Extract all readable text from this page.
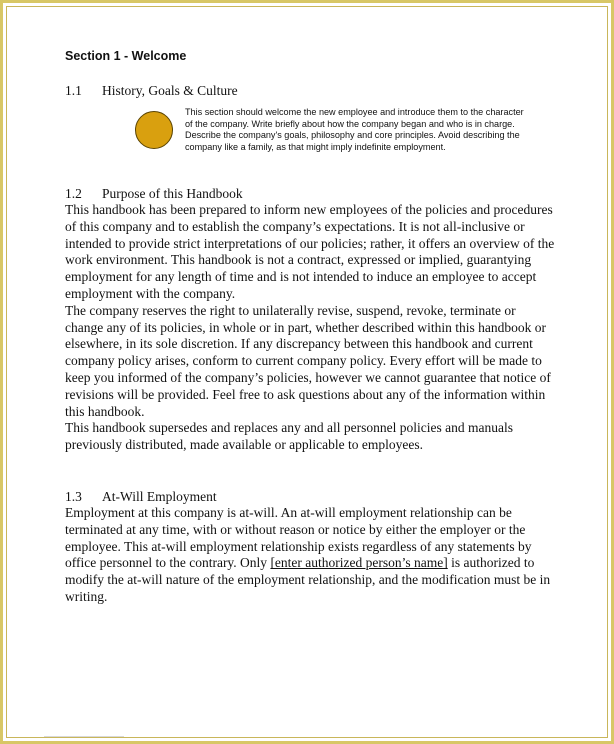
Section 1 - Welcome
1.1	History, Goals & Culture
This section should welcome the new employee and introduce them to the character of the company. Write briefly about how the company began and who is in charge. Describe the company's goals, philosophy and core principles. Avoid describing the company like a family, as that might imply indefinite employment.
1.2	Purpose of this Handbook

This handbook has been prepared to inform new employees of the policies and procedures of this company and to establish the company’s expectations. It is not all-inclusive or intended to provide strict interpretations of our policies; rather, it offers an overview of the work environment. This handbook is not a contract, expressed or implied, guarantying employment for any length of time and is not intended to induce an employee to accept employment with the company.

The company reserves the right to unilaterally revise, suspend, revoke, terminate or change any of its policies, in whole or in part, whether described within this handbook or elsewhere, in its sole discretion. If any discrepancy between this handbook and current company policy arises, conform to current company policy. Every effort will be made to keep you informed of the company’s policies, however we cannot guarantee that notice of revisions will be provided. Feel free to ask questions about any of the information within this handbook.

This handbook supersedes and replaces any and all personnel policies and manuals previously distributed, made available or applicable to employees.

1.3	At-Will Employment

Employment at this company is at-will. An at-will employment relationship can be terminated at any time, with or without reason or notice by either the employer or the employee. This at-will employment relationship exists regardless of any statements by office personnel to the contrary. Only [enter authorized person’s name] is authorized to modify the at-will nature of the employment relationship, and the modification must be in writing.
